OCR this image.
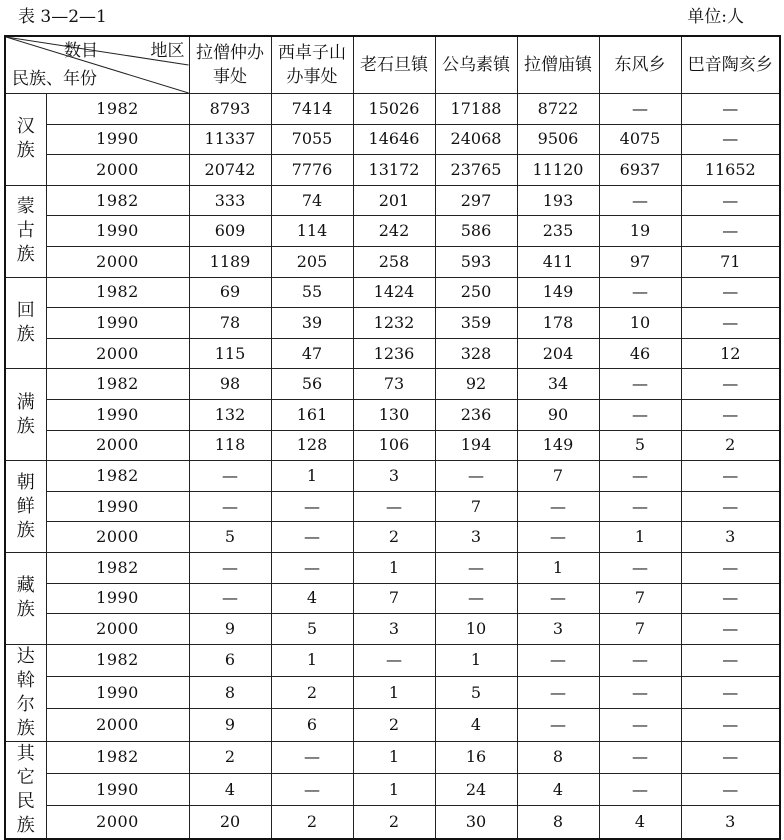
表 3—2—1	单位:人
数目 地区
民族、年份		拉僧仲办事处	西卓子山办事处	老石旦镇	公乌素镇	拉僧庙镇	东风乡	巴音陶亥乡
汉族	1982	8793	7414	15026	17188	8722	—	—
	1990	11337	7055	14646	24068	9506	4075	—
	2000	20742	7776	13172	23765	11120	6937	11652
蒙古族	1982	333	74	201	297	193	—	—
	1990	609	114	242	586	235	19	—
	2000	1189	205	258	593	411	97	71
回族	1982	69	55	1424	250	149	—	—
	1990	78	39	1232	359	178	10	—
	2000	115	47	1236	328	204	46	12
满族	1982	98	56	73	92	34	—	—
	1990	132	161	130	236	90	—	—
	2000	118	128	106	194	149	5	2
朝鲜族	1982	—	1	3	—	7	—	—
	1990	—	—	—	7	—	—	—
	2000	5	—	2	3	—	1	3
藏族	1982	—	—	1	—	1	—	—
	1990	—	4	7	—	—	7	—
	2000	9	5	3	10	3	7	—
达斡尔族	1982	6	1	—	1	—	—	—
	1990	8	2	1	5	—	—	—
	2000	9	6	2	4	—	—	—
其它民族	1982	2	—	1	16	8	—	—
	1990	4	—	1	24	4	—	—
	2000	20	2	2	30	8	4	3
